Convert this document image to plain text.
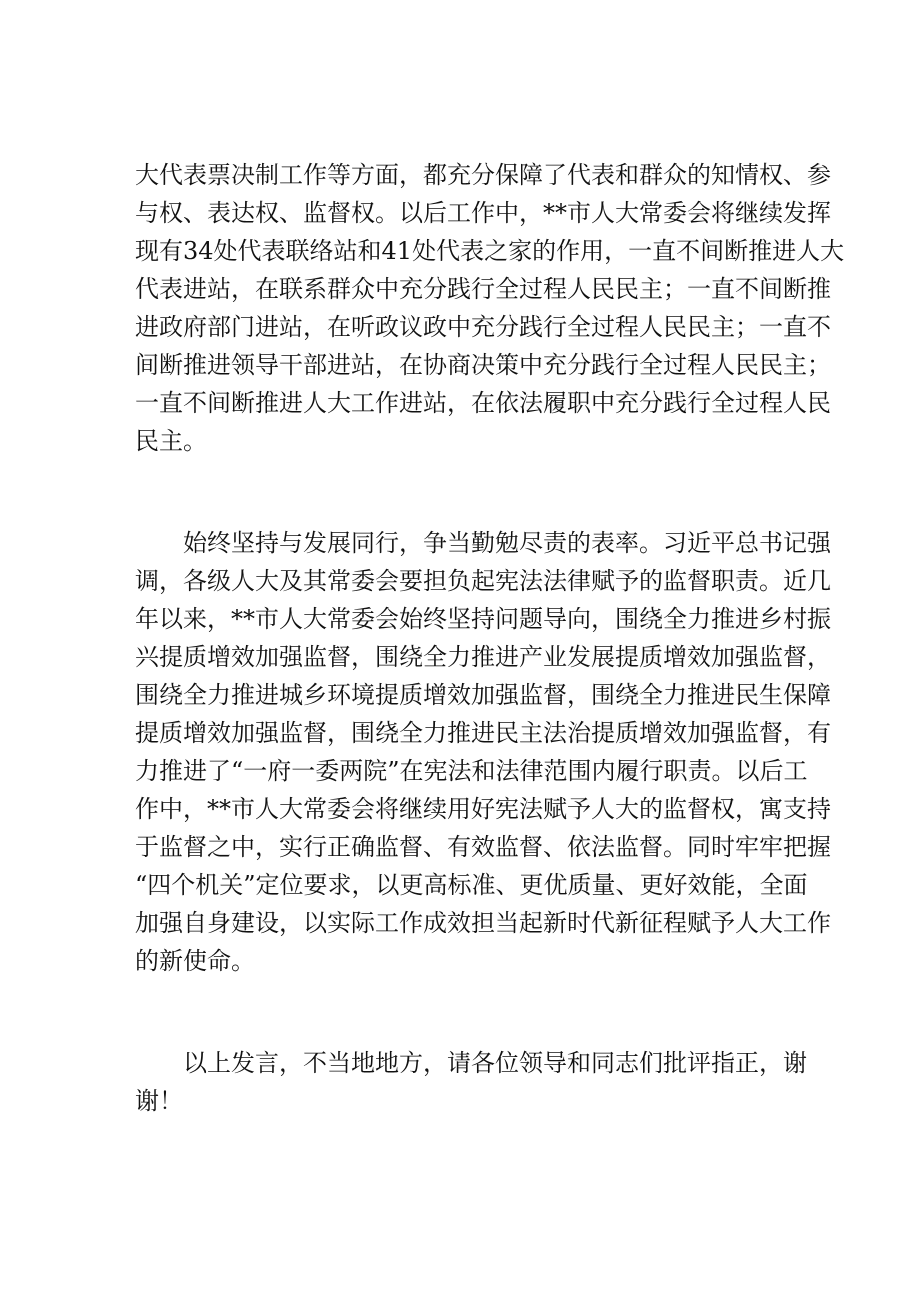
大代表票决制工作等方面，都充分保障了代表和群众的知情权、参
与权、表达权、监督权。以后工作中，**市人大常委会将继续发挥
现有34处代表联络站和41处代表之家的作用，一直不间断推进人大
代表进站，在联系群众中充分践行全过程人民民主；一直不间断推
进政府部门进站，在听政议政中充分践行全过程人民民主；一直不
间断推进领导干部进站，在协商决策中充分践行全过程人民民主；
一直不间断推进人大工作进站，在依法履职中充分践行全过程人民
民主。
始终坚持与发展同行，争当勤勉尽责的表率。习近平总书记强
调，各级人大及其常委会要担负起宪法法律赋予的监督职责。近几
年以来，**市人大常委会始终坚持问题导向，围绕全力推进乡村振
兴提质增效加强监督，围绕全力推进产业发展提质增效加强监督，
围绕全力推进城乡环境提质增效加强监督，围绕全力推进民生保障
提质增效加强监督，围绕全力推进民主法治提质增效加强监督，有
力推进了“一府一委两院”在宪法和法律范围内履行职责。以后工
作中，**市人大常委会将继续用好宪法赋予人大的监督权，寓支持
于监督之中，实行正确监督、有效监督、依法监督。同时牢牢把握
“四个机关”定位要求，以更高标准、更优质量、更好效能，全面
加强自身建设，以实际工作成效担当起新时代新征程赋予人大工作
的新使命。
以上发言，不当地地方，请各位领导和同志们批评指正，谢
谢！
